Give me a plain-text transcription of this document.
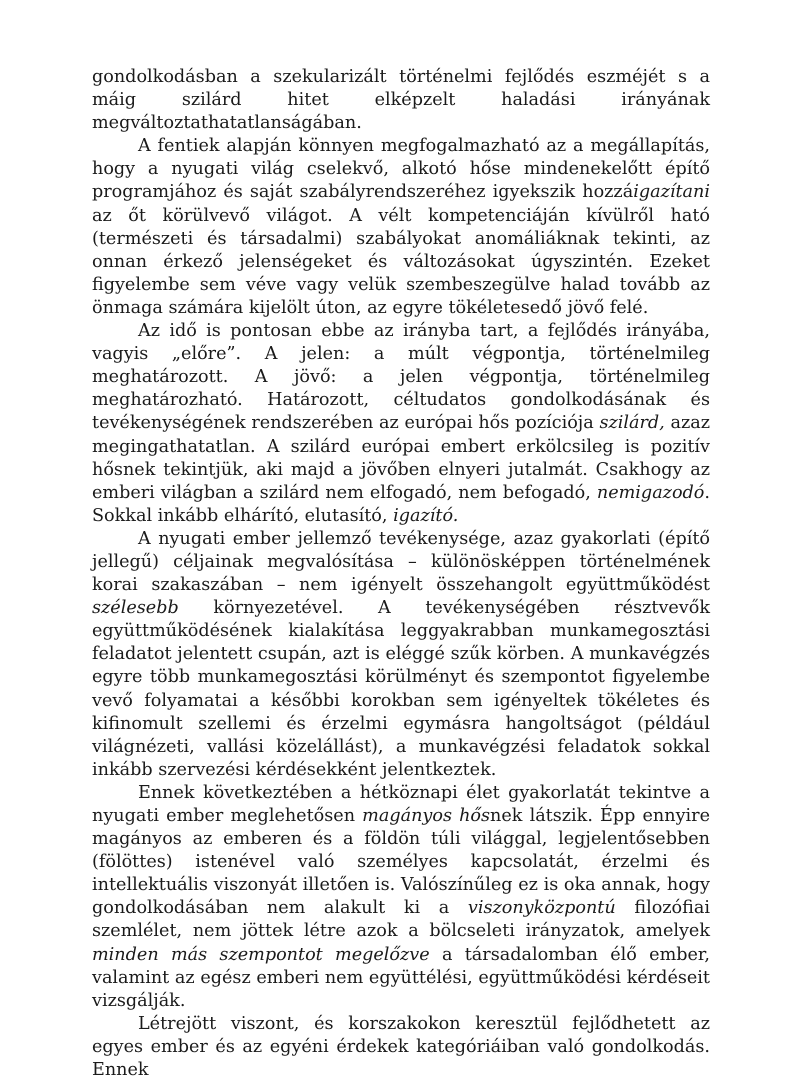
gondolkodásban a szekularizált történelmi fejlődés eszméjét s a máig szilárd hitet elképzelt haladási irányának megváltoztathatatlanságában.

A fentiek alapján könnyen megfogalmazható az a megállapítás, hogy a nyugati világ cselekvő, alkotó hőse mindenekelőtt építő programjához és saját szabályrendszeréhez igyekszik hozzáigazítani az őt körülvevő világot. A vélt kompetenciáján kívülről ható (természeti és társadalmi) szabályokat anomáliáknak tekinti, az onnan érkező jelenségeket és változásokat úgyszintén. Ezeket figyelembe sem véve vagy velük szembeszegülve halad tovább az önmaga számára kijelölt úton, az egyre tökéletesedő jövő felé.

Az idő is pontosan ebbe az irányba tart, a fejlődés irányába, vagyis „előre”. A jelen: a múlt végpontja, történelmileg meghatározott. A jövő: a jelen végpontja, történelmileg meghatározható. Határozott, céltudatos gondolkodásának és tevékenységének rendszerében az európai hős pozíciója szilárd, azaz megingathatatlan. A szilárd európai embert erkölcsileg is pozitív hősnek tekintjük, aki majd a jövőben elnyeri jutalmát. Csakhogy az emberi világban a szilárd nem elfogadó, nem befogadó, nemigazodó. Sokkal inkább elhárító, elutasító, igazító.

A nyugati ember jellemző tevékenysége, azaz gyakorlati (építő jellegű) céljainak megvalósítása – különösképpen történelmének korai szakaszában – nem igényelt összehangolt együttműködést szélesebb környezetével. A tevékenységében résztvevők együttműködésének kialakítása leggyakrabban munkamegosztási feladatot jelentett csupán, azt is eléggé szűk körben. A munkavégzés egyre több munkamegosztási körülményt és szempontot figyelembe vevő folyamatai a későbbi korokban sem igényeltek tökéletes és kifinomult szellemi és érzelmi egymásra hangoltságot (például világnézeti, vallási közelállást), a munkavégzési feladatok sokkal inkább szervezési kérdésekként jelentkeztek.

Ennek következtében a hétköznapi élet gyakorlatát tekintve a nyugati ember meglehetősen magányos hősnek látszik. Épp ennyire magányos az emberen és a földön túli világgal, legjelentősebben (fölöttes) istenével való személyes kapcsolatát, érzelmi és intellektuális viszonyát illetően is. Valószínűleg ez is oka annak, hogy gondolkodásában nem alakult ki a viszonyközpontú filozófiai szemlélet, nem jöttek létre azok a bölcseleti irányzatok, amelyek minden más szempontot megelőzve a társadalomban élő ember, valamint az egész emberi nem együttélési, együttműködési kérdéseit vizsgálják.

Létrejött viszont, és korszakokon keresztül fejlődhetett az egyes ember és az egyéni érdekek kategóriáiban való gondolkodás. Ennek
